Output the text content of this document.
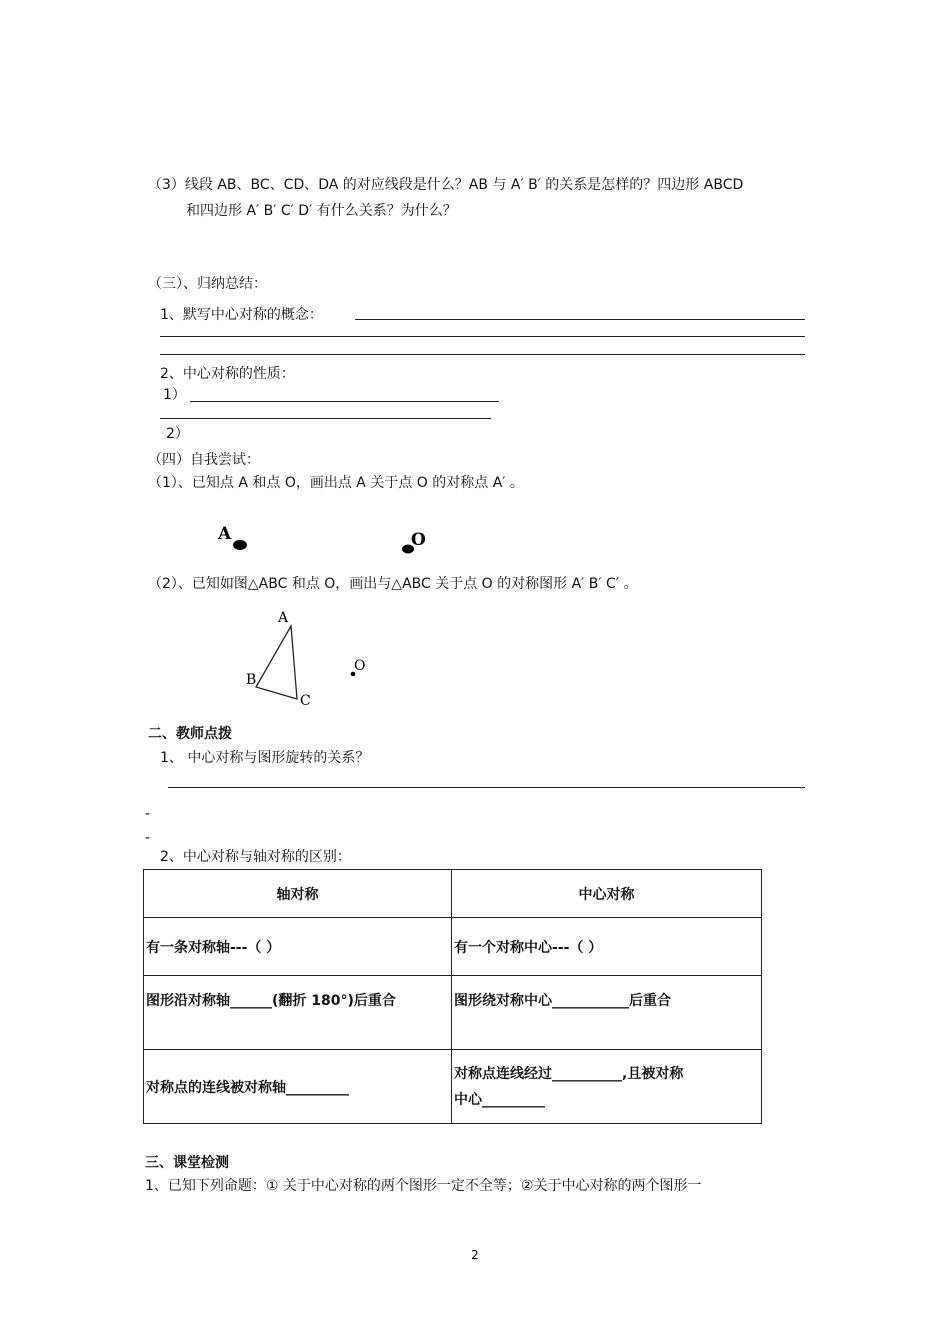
（3）线段 AB、BC、CD、DA 的对应线段是什么？AB 与 A′ B′ 的关系是怎样的？四边形 ABCD
和四边形 A′ B′ C′ D′ 有什么关系？为什么？
（三）、归纳总结：
1、默写中心对称的概念：
2、中心对称的性质：
1）
2）
（四）自我尝试：
（1）、已知点 A 和点 O，画出点 A 关于点 O 的对称点 A′ 。
A	O
（2）、已知如图△ABC 和点 O，画出与△ABC 关于点 O 的对称图形 A′ B′ C′ 。
A
B
C
O
二、教师点拨
1、 中心对称与图形旋转的关系？
-
-
2、中心对称与轴对称的区别：
轴对称	中心对称
有一条对称轴---（ ）	有一个对称中心---（ ）
图形沿对称轴______(翻折 180°)后重合	图形绕对称中心___________后重合
对称点的连线被对称轴_________	对称点连线经过__________,且被对称
中心_________
三、课堂检测
1、已知下列命题：① 关于中心对称的两个图形一定不全等；②关于中心对称的两个图形一
2
